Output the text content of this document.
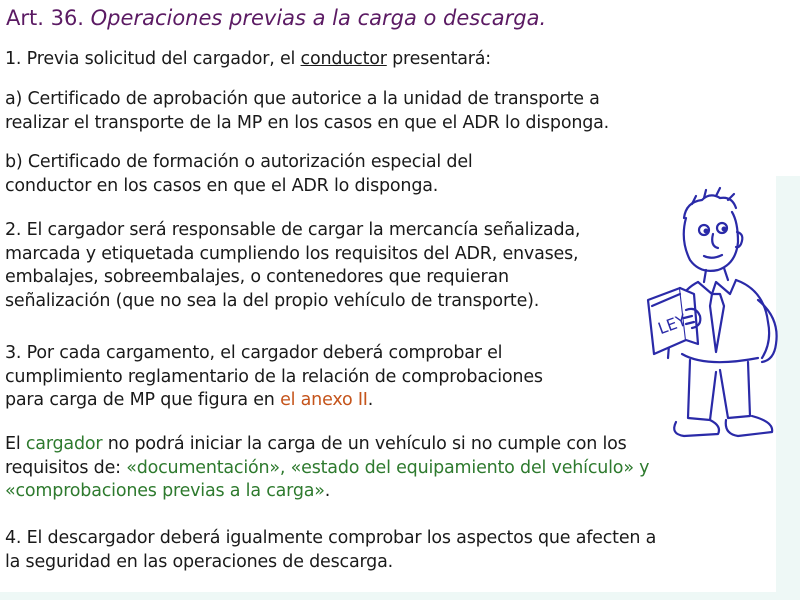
Art. 36. Operaciones previas a la carga o descarga.
1. Previa solicitud del cargador, el conductor presentará:
a) Certificado de aprobación que autorice a la unidad de transporte a
realizar el transporte de la MP en los casos en que el ADR lo disponga.
b) Certificado de formación o autorización especial del
conductor en los casos en que el ADR lo disponga.
2. El cargador será responsable de cargar la mercancía señalizada,
marcada y etiquetada cumpliendo los requisitos del ADR, envases,
embalajes, sobreembalajes, o contenedores que requieran
señalización (que no sea la del propio vehículo de transporte).
3. Por cada cargamento, el cargador deberá comprobar el
cumplimiento reglamentario de la relación de comprobaciones
para carga de MP que figura en el anexo II.
El cargador no podrá iniciar la carga de un vehículo si no cumple con los
requisitos de: «documentación», «estado del equipamiento del vehículo» y
«comprobaciones previas a la carga».
4. El descargador deberá igualmente comprobar los aspectos que afecten a
la seguridad en las operaciones de descarga.
LEY
